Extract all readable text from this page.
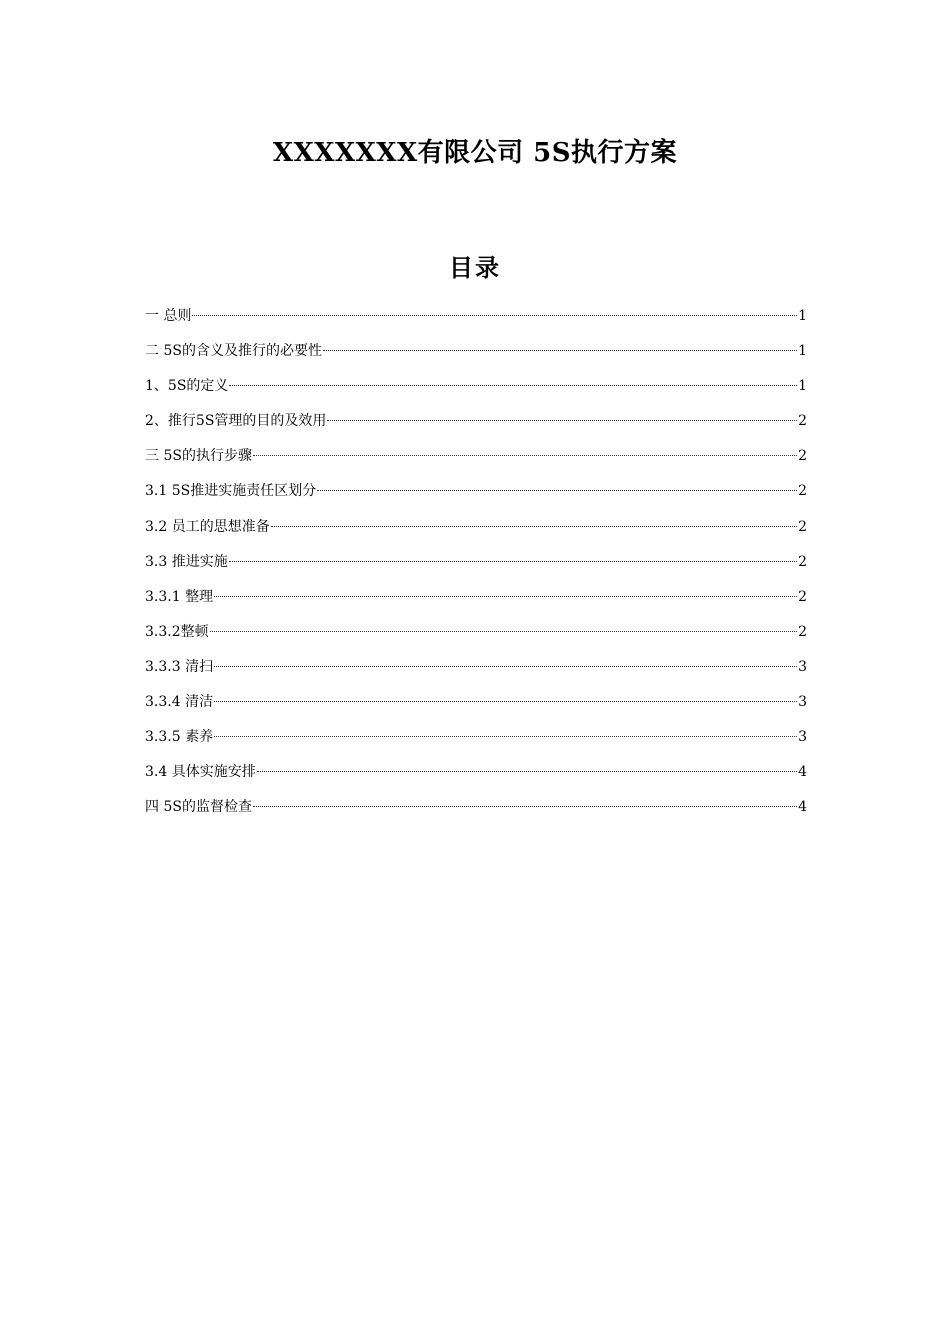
XXXXXXX有限公司 5S执行方案
目录
一 总则	1
二 5S的含义及推行的必要性	1
1、5S的定义	1
2、推行5S管理的目的及效用	2
三 5S的执行步骤	2
3.1 5S推进实施责任区划分	2
3.2 员工的思想准备	2
3.3 推进实施	2
3.3.1 整理	2
3.3.2整顿	2
3.3.3 清扫	3
3.3.4 清洁	3
3.3.5 素养	3
3.4 具体实施安排	4
四 5S的监督检查	4
